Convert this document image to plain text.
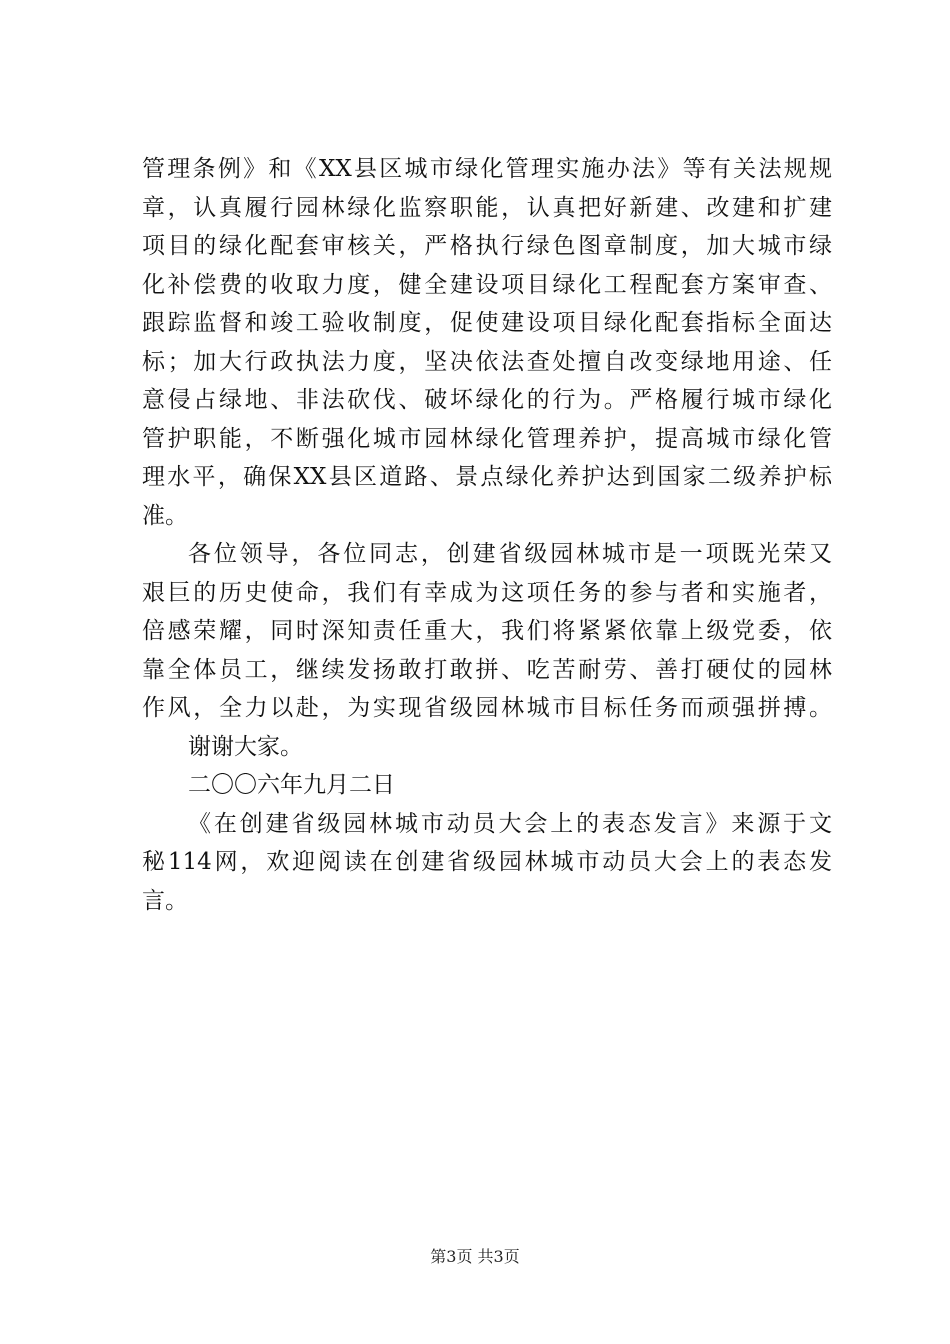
管理条例》和《XX县区城市绿化管理实施办法》等有关法规规
章，认真履行园林绿化监察职能，认真把好新建、改建和扩建
项目的绿化配套审核关，严格执行绿色图章制度，加大城市绿
化补偿费的收取力度，健全建设项目绿化工程配套方案审查、
跟踪监督和竣工验收制度，促使建设项目绿化配套指标全面达
标；加大行政执法力度，坚决依法查处擅自改变绿地用途、任
意侵占绿地、非法砍伐、破坏绿化的行为。严格履行城市绿化
管护职能，不断强化城市园林绿化管理养护，提高城市绿化管
理水平，确保XX县区道路、景点绿化养护达到国家二级养护标
准。
各位领导，各位同志，创建省级园林城市是一项既光荣又
艰巨的历史使命，我们有幸成为这项任务的参与者和实施者，
倍感荣耀，同时深知责任重大，我们将紧紧依靠上级党委，依
靠全体员工，继续发扬敢打敢拼、吃苦耐劳、善打硬仗的园林
作风，全力以赴，为实现省级园林城市目标任务而顽强拼搏。
谢谢大家。
二〇〇六年九月二日
《在创建省级园林城市动员大会上的表态发言》来源于文
秘114网，欢迎阅读在创建省级园林城市动员大会上的表态发
言。
第3页 共3页
